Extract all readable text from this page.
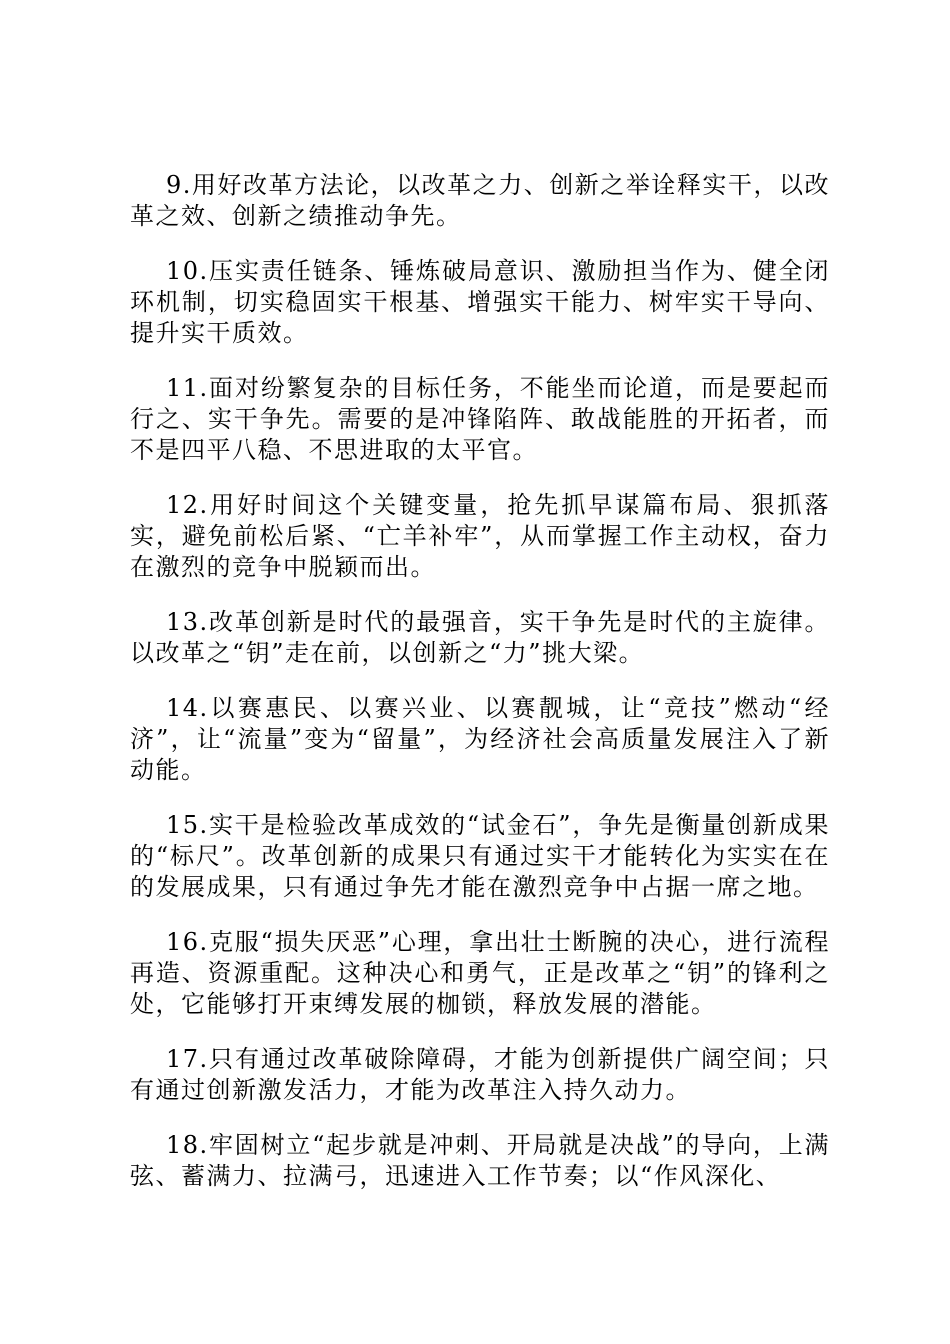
9.用好改革方法论，以改革之力、创新之举诠释实干，以改革之效、创新之绩推动争先。

10.压实责任链条、锤炼破局意识、激励担当作为、健全闭环机制，切实稳固实干根基、增强实干能力、树牢实干导向、提升实干质效。

11.面对纷繁复杂的目标任务，不能坐而论道，而是要起而行之、实干争先。需要的是冲锋陷阵、敢战能胜的开拓者，而不是四平八稳、不思进取的太平官。

12.用好时间这个关键变量，抢先抓早谋篇布局、狠抓落实，避免前松后紧、“亡羊补牢”，从而掌握工作主动权，奋力在激烈的竞争中脱颖而出。

13.改革创新是时代的最强音，实干争先是时代的主旋律。以改革之“钥”走在前，以创新之“力”挑大梁。

14.以赛惠民、以赛兴业、以赛靓城，让“竞技”燃动“经济”，让“流量”变为“留量”，为经济社会高质量发展注入了新动能。

15.实干是检验改革成效的“试金石”，争先是衡量创新成果的“标尺”。改革创新的成果只有通过实干才能转化为实实在在的发展成果，只有通过争先才能在激烈竞争中占据一席之地。

16.克服“损失厌恶”心理，拿出壮士断腕的决心，进行流程再造、资源重配。这种决心和勇气，正是改革之“钥”的锋利之处，它能够打开束缚发展的枷锁，释放发展的潜能。

17.只有通过改革破除障碍，才能为创新提供广阔空间；只有通过创新激发活力，才能为改革注入持久动力。

18.牢固树立“起步就是冲刺、开局就是决战”的导向，上满弦、蓄满力、拉满弓，迅速进入工作节奏；以“作风深化、
